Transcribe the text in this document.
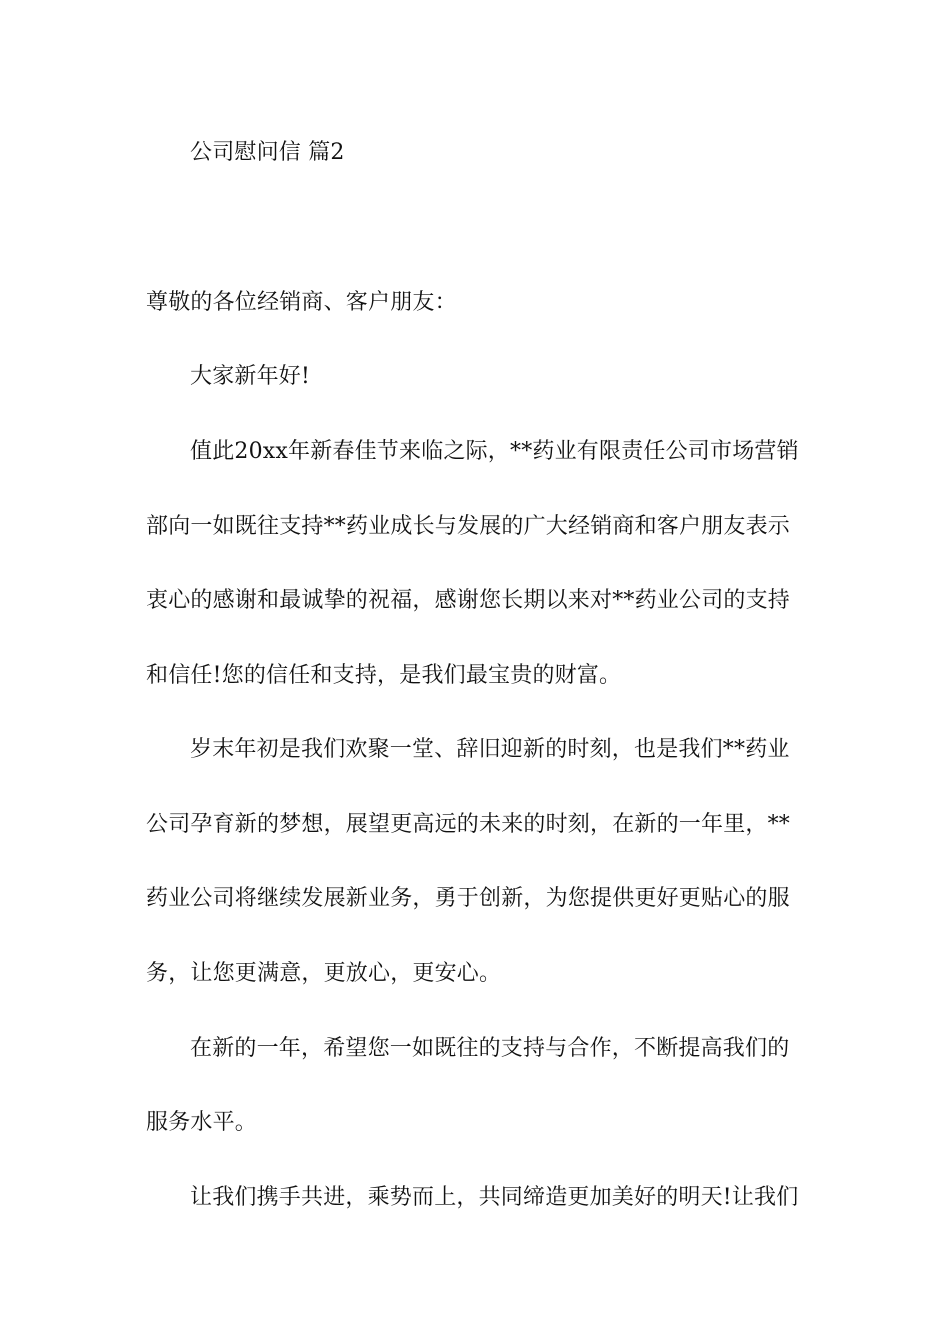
公司慰问信 篇2
尊敬的各位经销商、客户朋友：
大家新年好!
值此20xx年新春佳节来临之际，**药业有限责任公司市场营销
部向一如既往支持**药业成长与发展的广大经销商和客户朋友表示
衷心的感谢和最诚挚的祝福，感谢您长期以来对**药业公司的支持
和信任!您的信任和支持，是我们最宝贵的财富。
岁末年初是我们欢聚一堂、辞旧迎新的时刻，也是我们**药业
公司孕育新的梦想，展望更高远的未来的时刻，在新的一年里，**
药业公司将继续发展新业务，勇于创新，为您提供更好更贴心的服
务，让您更满意，更放心，更安心。
在新的一年，希望您一如既往的支持与合作，不断提高我们的
服务水平。
让我们携手共进，乘势而上，共同缔造更加美好的明天!让我们
